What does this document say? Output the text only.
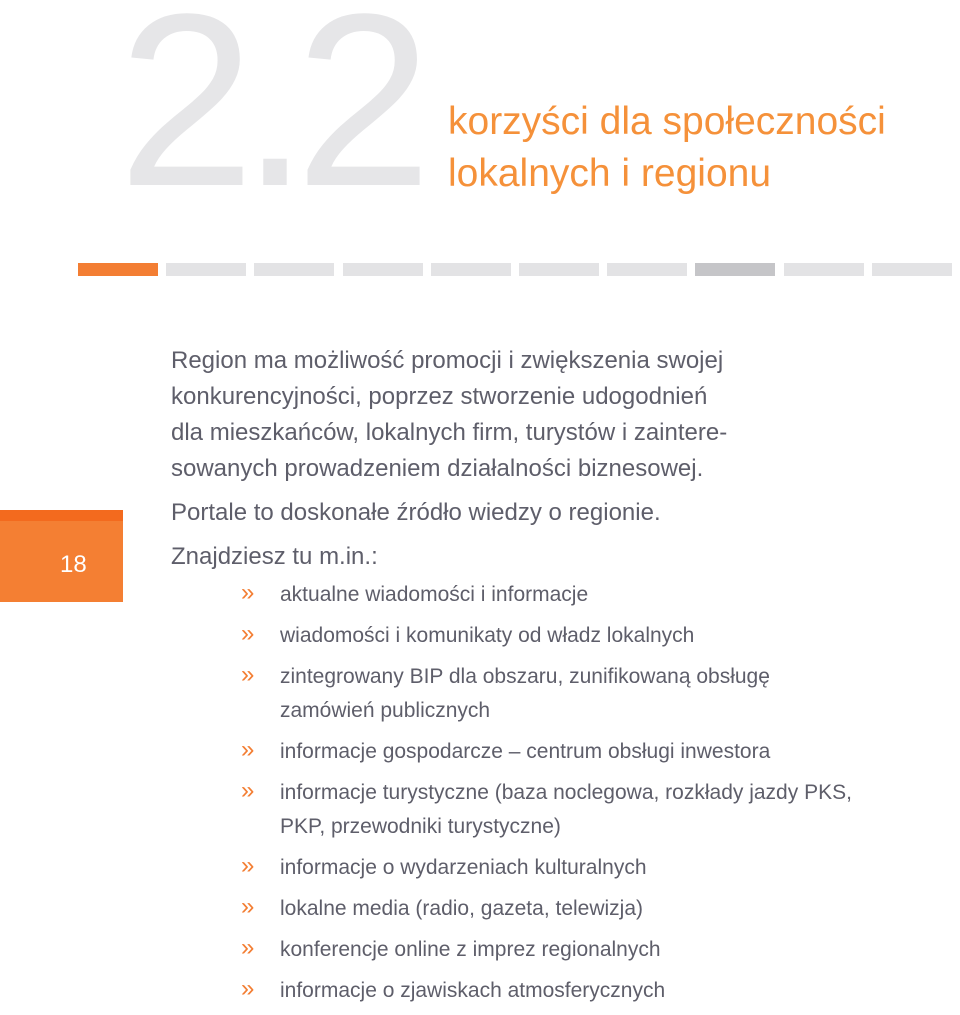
2.2 korzyści dla społeczności
lokalnych i regionu
18

Region ma możliwość promocji i zwiększenia swojej
konkurencyjności, poprzez stworzenie udogodnień
dla mieszkańców, lokalnych firm, turystów i zaintere-
sowanych prowadzeniem działalności biznesowej.

Portale to doskonałe źródło wiedzy o regionie.

Znajdziesz tu m.in.:

» aktualne wiadomości i informacje
» wiadomości i komunikaty od władz lokalnych
» zintegrowany BIP dla obszaru, zunifikowaną obsługę
zamówień publicznych
» informacje gospodarcze – centrum obsługi inwestora
» informacje turystyczne (baza noclegowa, rozkłady jazdy PKS,
PKP, przewodniki turystyczne)
» informacje o wydarzeniach kulturalnych
» lokalne media (radio, gazeta, telewizja)
» konferencje online z imprez regionalnych
» informacje o zjawiskach atmosferycznych
